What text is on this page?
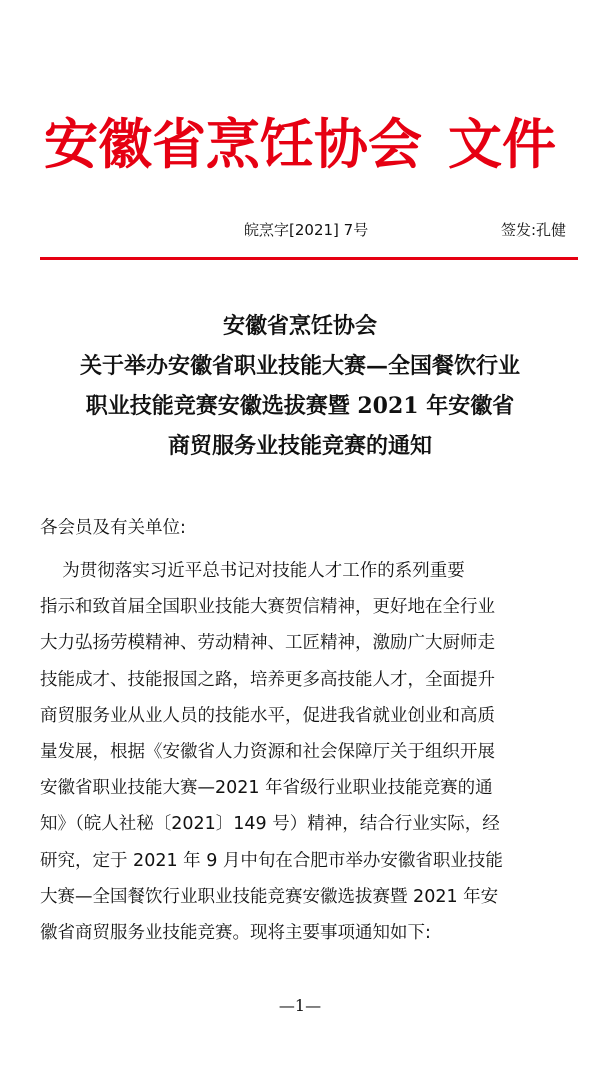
安徽省烹饪协会 文件
皖烹字[2021] 7号	签发:孔健
安徽省烹饪协会
关于举办安徽省职业技能大赛—全国餐饮行业
职业技能竞赛安徽选拔赛暨 2021 年安徽省
商贸服务业技能竞赛的通知
各会员及有关单位:
为贯彻落实习近平总书记对技能人才工作的系列重要
指示和致首届全国职业技能大赛贺信精神，更好地在全行业
大力弘扬劳模精神、劳动精神、工匠精神，激励广大厨师走
技能成才、技能报国之路，培养更多高技能人才，全面提升
商贸服务业从业人员的技能水平，促进我省就业创业和高质
量发展，根据《安徽省人力资源和社会保障厅关于组织开展
安徽省职业技能大赛—2021 年省级行业职业技能竞赛的通
知》（皖人社秘〔2021〕149 号）精神，结合行业实际，经
研究，定于 2021 年 9 月中旬在合肥市举办安徽省职业技能
大赛—全国餐饮行业职业技能竞赛安徽选拔赛暨 2021 年安
徽省商贸服务业技能竞赛。现将主要事项通知如下:
—1—
